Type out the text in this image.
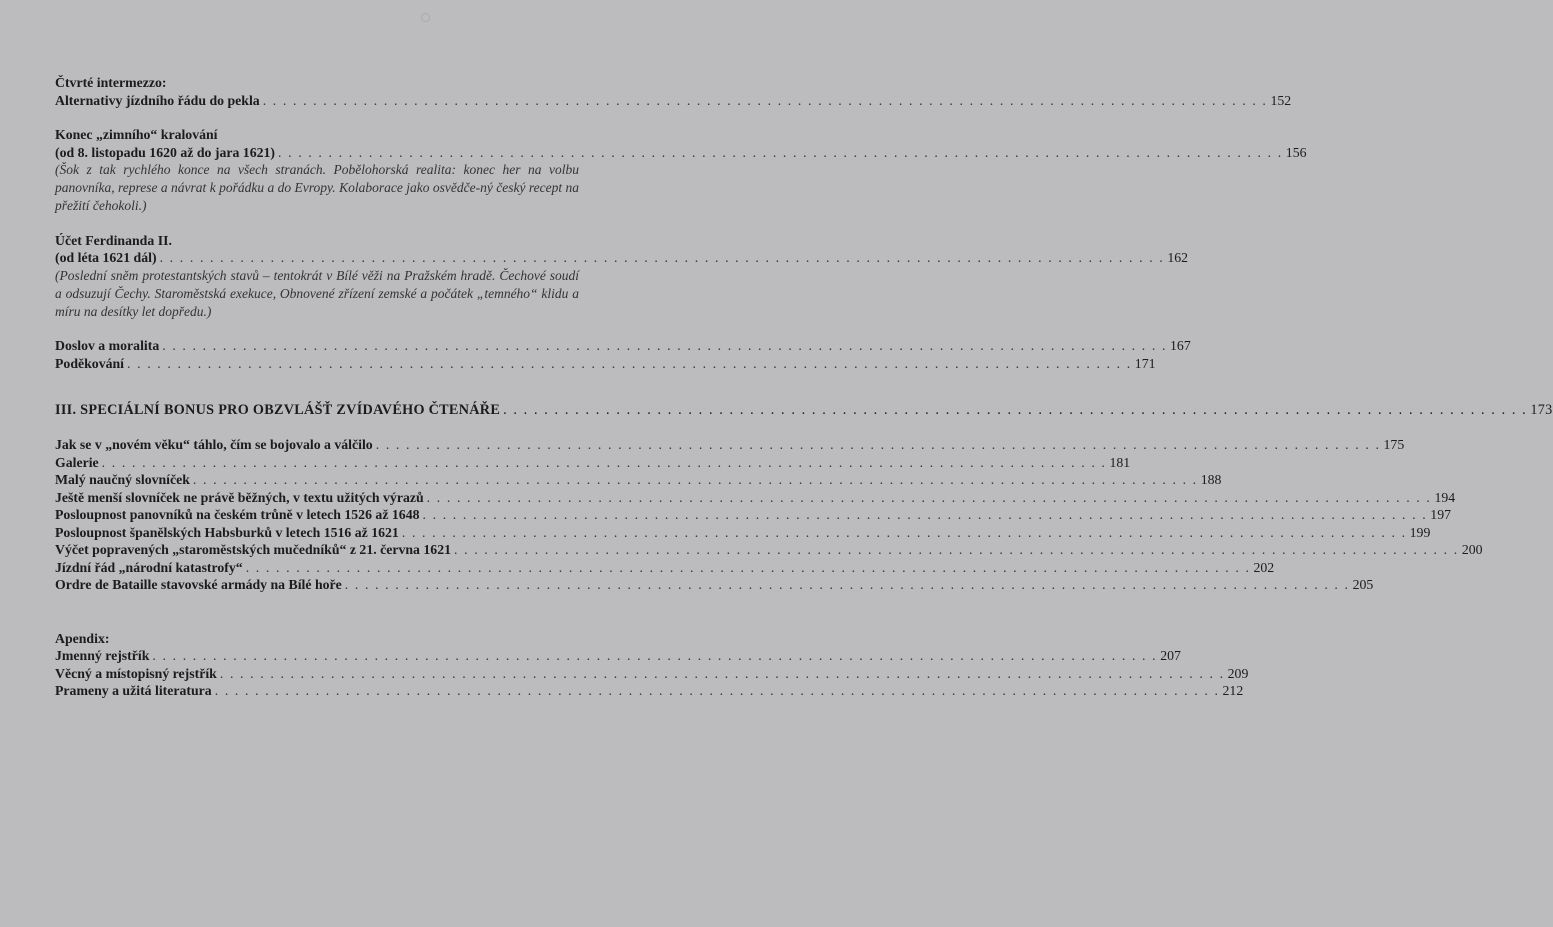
Čtvrté intermezzo:
Alternativy jízdního řádu do pekla . . . . . . . . . . . . . . . . . . . . . . . . . . . . . . . . . . . . . . . . . . . . . . . . . . . . . . . . . . . . . . . . . . . . . . . . . . . . . . . . . . . . . . . . . . . . . . . . . . . . 152
Konec „zimního“ kralování
(od 8. listopadu 1620 až do jara 1621) . . . . . . . . . . . . . . . . . . . . . . . . . . . . . . . . . . . . . . . . . . . . . . . . . . . . . . . . . . . . . . . . . . . . . . . . . . . . . . . . . . . . . . . . . . . . . . . . . . . . 156
(Šok z tak rychlého konce na všech stranách. Pobělohorská realita: konec her na volbu panovníka, represe a návrat k pořádku a do Evropy. Kolaborace jako osvědče-ný český recept na přežití čehokoli.)
Účet Ferdinanda II.
(od léta 1621 dál) . . . . . . . . . . . . . . . . . . . . . . . . . . . . . . . . . . . . . . . . . . . . . . . . . . . . . . . . . . . . . . . . . . . . . . . . . . . . . . . . . . . . . . . . . . . . . . . . . . . . 162
(Poslední sněm protestantských stavů – tentokrát v Bílé věži na Pražském hradě. Čechové soudí a odsuzují Čechy. Staroměstská exekuce, Obnovené zřízení zemské a počátek „temného“ klidu a míru na desítky let dopředu.)
Doslov a moralita . . . . . . . . . . . . . . . . . . . . . . . . . . . . . . . . . . . . . . . . . . . . . . . . . . . . . . . . . . . . . . . . . . . . . . . . . . . . . . . . . . . . . . . . . . . . . . . . . . . . 167
Poděkování . . . . . . . . . . . . . . . . . . . . . . . . . . . . . . . . . . . . . . . . . . . . . . . . . . . . . . . . . . . . . . . . . . . . . . . . . . . . . . . . . . . . . . . . . . . . . . . . . . . . 171
III. SPECIÁLNÍ BONUS PRO OBZVLÁŠŤ ZVÍDAVÉHO ČTENÁŘE . . . . . . . . . . . . . . . . . . . . . . . . . . . . . . . . . . . . . . . . . . . . . . . . . . . . . . . . . . . . . . . . . . . . . . . . . . . . . . . . . . . . . . . . . . . . . . . . . . . . 173
Jak se v „novém věku“ táhlo, čím se bojovalo a válčilo . . . . . . . . . . . . . . . . . . . . . . . . . . . . . . . . . . . . . . . . . . . . . . . . . . . . . . . . . . . . . . . . . . . . . . . . . . . . . . . . . . . . . . . . . . . . . . . . . . . . 175
Galerie . . . . . . . . . . . . . . . . . . . . . . . . . . . . . . . . . . . . . . . . . . . . . . . . . . . . . . . . . . . . . . . . . . . . . . . . . . . . . . . . . . . . . . . . . . . . . . . . . . . . 181
Malý naučný slovníček . . . . . . . . . . . . . . . . . . . . . . . . . . . . . . . . . . . . . . . . . . . . . . . . . . . . . . . . . . . . . . . . . . . . . . . . . . . . . . . . . . . . . . . . . . . . . . . . . . . . 188
Ještě menší slovníček ne právě běžných, v textu užitých výrazů . . . . . . . . . . . . . . . . . . . . . . . . . . . . . . . . . . . . . . . . . . . . . . . . . . . . . . . . . . . . . . . . . . . . . . . . . . . . . . . . . . . . . . . . . . . . . . . . . . . . 194
Posloupnost panovníků na českém trůně v letech 1526 až 1648 . . . . . . . . . . . . . . . . . . . . . . . . . . . . . . . . . . . . . . . . . . . . . . . . . . . . . . . . . . . . . . . . . . . . . . . . . . . . . . . . . . . . . . . . . . . . . . . . . . . . 197
Posloupnost španělských Habsburků v letech 1516 až 1621 . . . . . . . . . . . . . . . . . . . . . . . . . . . . . . . . . . . . . . . . . . . . . . . . . . . . . . . . . . . . . . . . . . . . . . . . . . . . . . . . . . . . . . . . . . . . . . . . . . . . 199
Výčet popravených „staroměstských mučedníků“ z 21. června 1621 . . . . . . . . . . . . . . . . . . . . . . . . . . . . . . . . . . . . . . . . . . . . . . . . . . . . . . . . . . . . . . . . . . . . . . . . . . . . . . . . . . . . . . . . . . . . . . . . . . . . 200
Jízdní řád „národní katastrofy“ . . . . . . . . . . . . . . . . . . . . . . . . . . . . . . . . . . . . . . . . . . . . . . . . . . . . . . . . . . . . . . . . . . . . . . . . . . . . . . . . . . . . . . . . . . . . . . . . . . . . 202
Ordre de Bataille stavovské armády na Bílé hoře . . . . . . . . . . . . . . . . . . . . . . . . . . . . . . . . . . . . . . . . . . . . . . . . . . . . . . . . . . . . . . . . . . . . . . . . . . . . . . . . . . . . . . . . . . . . . . . . . . . . 205
Apendix:
Jmenný rejstřík . . . . . . . . . . . . . . . . . . . . . . . . . . . . . . . . . . . . . . . . . . . . . . . . . . . . . . . . . . . . . . . . . . . . . . . . . . . . . . . . . . . . . . . . . . . . . . . . . . . . 207
Věcný a místopisný rejstřík . . . . . . . . . . . . . . . . . . . . . . . . . . . . . . . . . . . . . . . . . . . . . . . . . . . . . . . . . . . . . . . . . . . . . . . . . . . . . . . . . . . . . . . . . . . . . . . . . . . . 209
Prameny a užitá literatura . . . . . . . . . . . . . . . . . . . . . . . . . . . . . . . . . . . . . . . . . . . . . . . . . . . . . . . . . . . . . . . . . . . . . . . . . . . . . . . . . . . . . . . . . . . . . . . . . . . . 212
